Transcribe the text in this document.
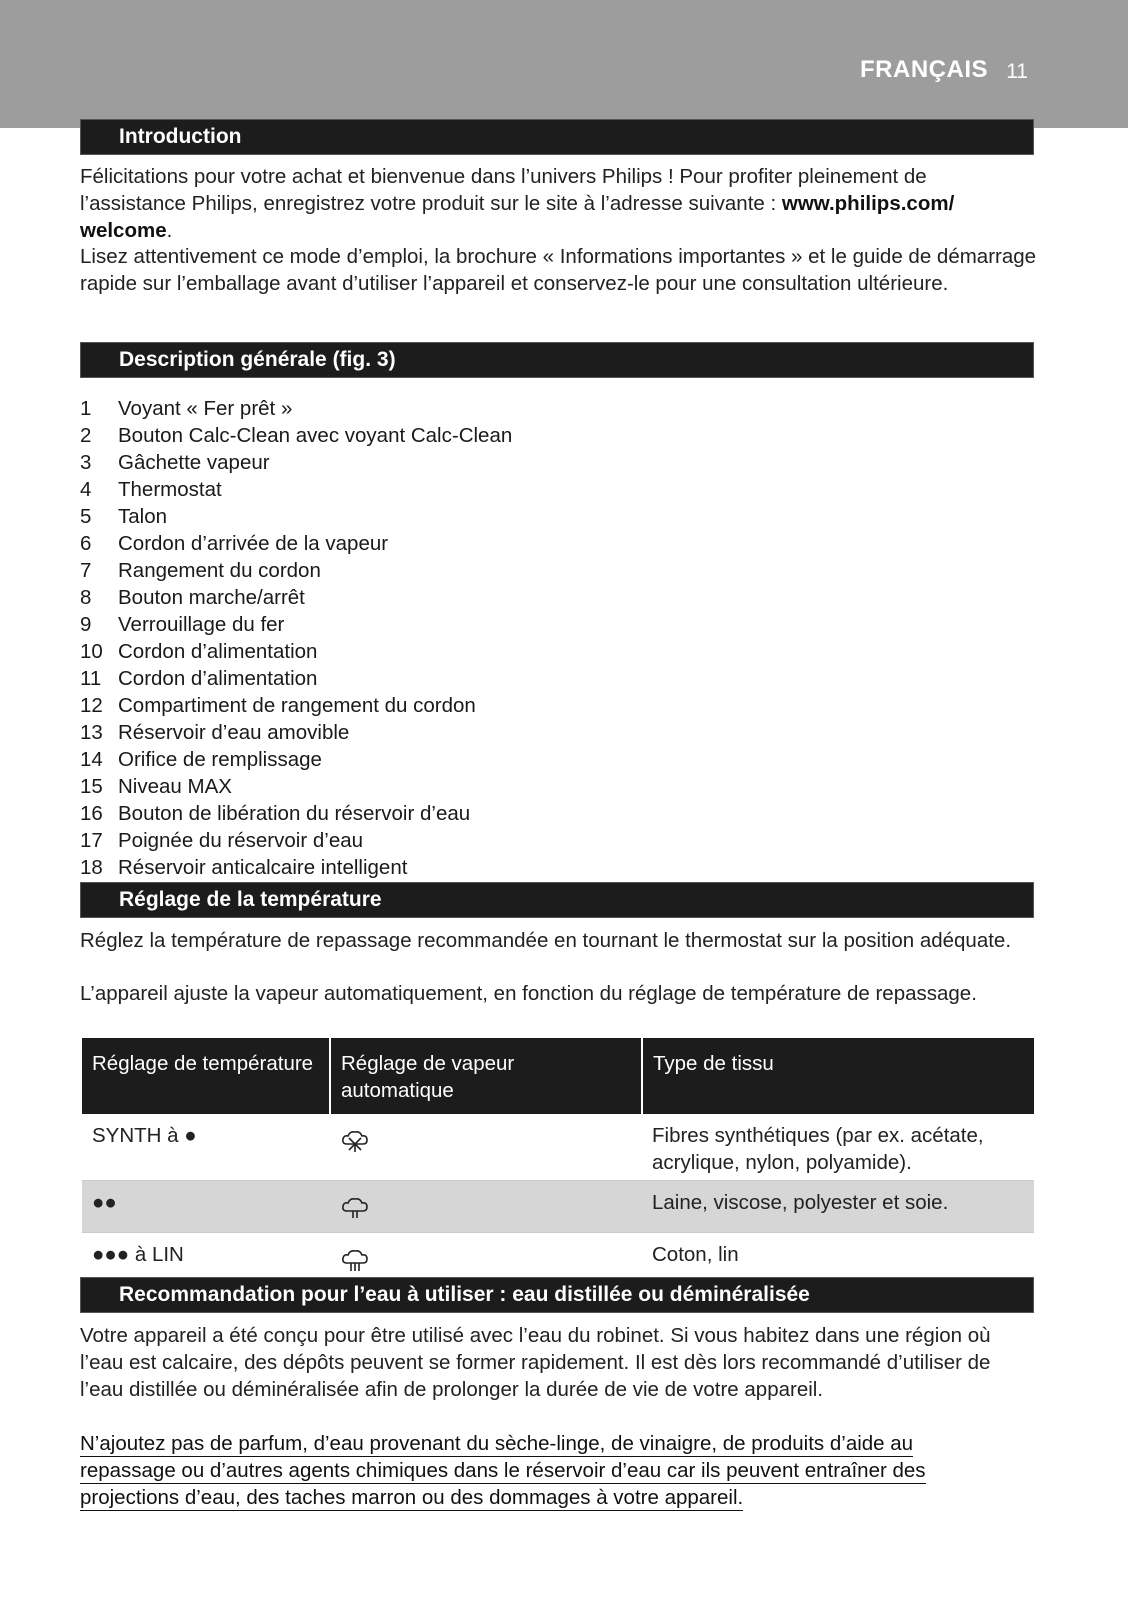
FRANÇAIS 11
Introduction

Félicitations pour votre achat et bienvenue dans l’univers Philips ! Pour profiter pleinement de l’assistance Philips, enregistrez votre produit sur le site à l’adresse suivante : www.philips.com/ welcome.

Lisez attentivement ce mode d’emploi, la brochure « Informations importantes » et le guide de démarrage rapide sur l’emballage avant d’utiliser l’appareil et conservez-le pour une consultation ultérieure.

Description générale (fig. 3)
1	Voyant « Fer prêt »
2	Bouton Calc-Clean avec voyant Calc-Clean
3	Gâchette vapeur
4	Thermostat
5	Talon
6	Cordon d’arrivée de la vapeur
7	Rangement du cordon
8	Bouton marche/arrêt
9	Verrouillage du fer
10 Cordon d’alimentation
11 Cordon d’alimentation
12 Compartiment de rangement du cordon
13 Réservoir d’eau amovible
14 Orifice de remplissage
15 Niveau MAX
16 Bouton de libération du réservoir d’eau
17 Poignée du réservoir d’eau
18 Réservoir anticalcaire intelligent
Réglage de la température

Réglez la température de repassage recommandée en tournant le thermostat sur la position adéquate.

L’appareil ajuste la vapeur automatiquement, en fonction du réglage de température de repassage.

Réglage de température	Réglage de vapeur automatique	Type de tissu
SYNTH à ●		Fibres synthétiques (par ex. acétate, acrylique, nylon, polyamide).
●●		Laine, viscose, polyester et soie.
●●● à LIN		Coton, lin
Recommandation pour l’eau à utiliser : eau distillée ou déminéralisée

Votre appareil a été conçu pour être utilisé avec l’eau du robinet. Si vous habitez dans une région où l’eau est calcaire, des dépôts peuvent se former rapidement. Il est dès lors recommandé d’utiliser de l’eau distillée ou déminéralisée afin de prolonger la durée de vie de votre appareil.

N’ajoutez pas de parfum, d’eau provenant du sèche-linge, de vinaigre, de produits d’aide au repassage ou d’autres agents chimiques dans le réservoir d’eau car ils peuvent entraîner des projections d’eau, des taches marron ou des dommages à votre appareil.
